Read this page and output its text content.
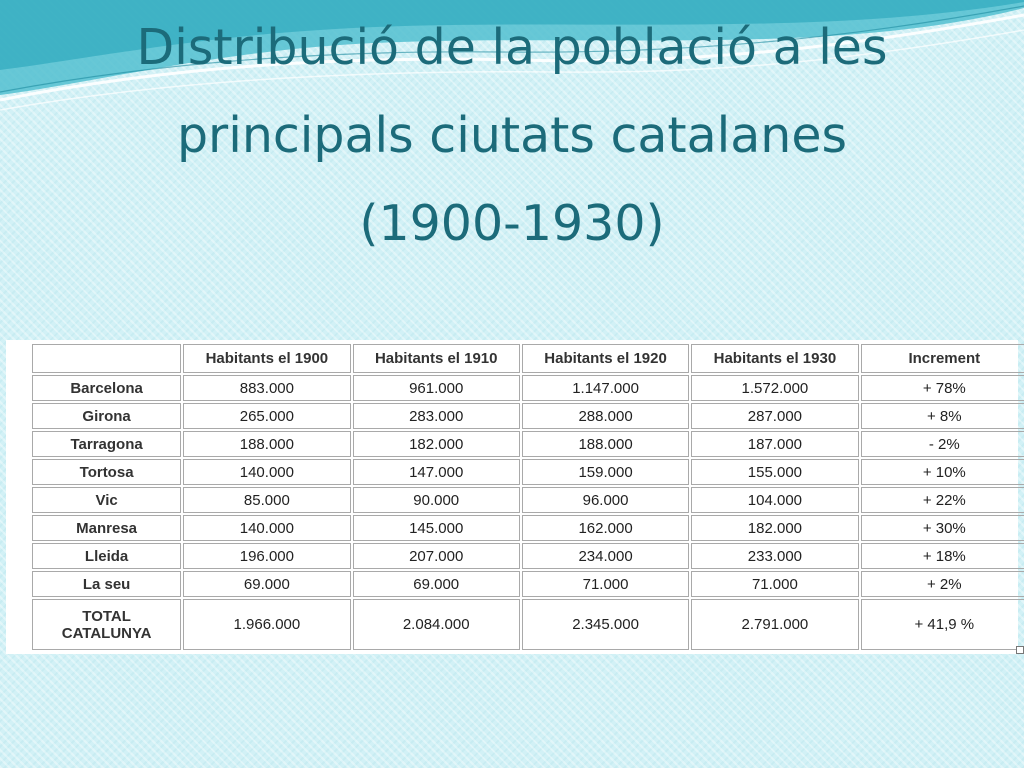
Distribució de la població a les
principals ciutats catalanes
(1900-1930)
	Habitants el 1900	Habitants el 1910	Habitants el 1920	Habitants el 1930	Increment
Barcelona	883.000	961.000	1.147.000	1.572.000	+ 78%
Girona	265.000	283.000	288.000	287.000	+ 8%
Tarragona	188.000	182.000	188.000	187.000	- 2%
Tortosa	140.000	147.000	159.000	155.000	+ 10%
Vic	85.000	90.000	96.000	104.000	+ 22%
Manresa	140.000	145.000	162.000	182.000	+ 30%
Lleida	196.000	207.000	234.000	233.000	+ 18%
La seu	69.000	69.000	71.000	71.000	+ 2%
TOTAL
CATALUNYA	1.966.000	2.084.000	2.345.000	2.791.000	+ 41,9 %
